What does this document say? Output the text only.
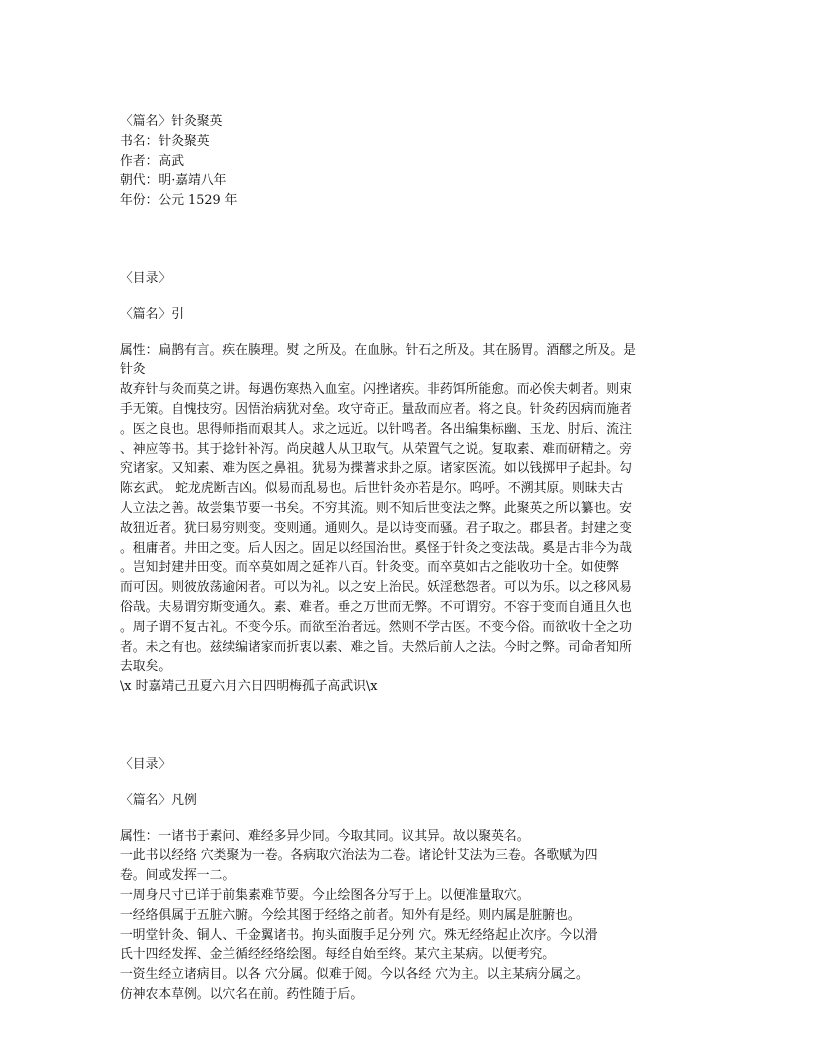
〈篇名〉针灸聚英
书名：针灸聚英
作者：高武
朝代：明·嘉靖八年
年份：公元 1529 年
〈目录〉
〈篇名〉引
属性：扁鹊有言。疾在腠理。熨 之所及。在血脉。针石之所及。其在肠胃。酒醪之所及。是
针灸
故弃针与灸而莫之讲。每遇伤寒热入血室。闪挫诸疾。非药饵所能愈。而必俟夫刺者。则束
手无策。自愧技穷。因悟治病犹对垒。攻守奇正。量敌而应者。将之良。针灸药因病而施者
。医之良也。思得师指而艰其人。求之远近。以针鸣者。各出编集标幽、玉龙、肘后、流注
、神应等书。其于捻针补泻。尚戾越人从卫取气。从荣置气之说。复取素、难而研精之。旁
究诸家。又知素、难为医之鼻祖。犹易为揲蓍求卦之原。诸家医流。如以钱掷甲子起卦。勾
陈玄武。 蛇龙虎断吉凶。似易而乱易也。后世针灸亦若是尔。呜呼。不溯其原。则昧夫古
人立法之善。故尝集节要一书矣。不穷其流。则不知后世变法之弊。此聚英之所以纂也。安
故狃近者。犹曰易穷则变。变则通。通则久。是以诗变而骚。君子取之。郡县者。封建之变
。租庸者。井田之变。后人因之。固足以经国治世。奚怪于针灸之变法哉。奚是古非今为哉
。岂知封建井田变。而卒莫如周之延祚八百。针灸变。而卒莫如古之能收功十全。如使弊
而可因。则彼放荡逾闲者。可以为礼。以之安上治民。妖淫愁怨者。可以为乐。以之移风易
俗哉。夫易谓穷斯变通久。素、难者。垂之万世而无弊。不可谓穷。不容于变而自通且久也
。周子谓不复古礼。不变今乐。而欲至治者远。然则不学古医。不变今俗。而欲收十全之功
者。未之有也。兹续编诸家而折衷以素、难之旨。夫然后前人之法。今时之弊。司命者知所
去取矣。
\x 时嘉靖己丑夏六月六日四明梅孤子高武识\x
〈目录〉
〈篇名〉凡例
属性：一诸书于素问、难经多异少同。今取其同。议其异。故以聚英名。
一此书以经络 穴类聚为一卷。各病取穴治法为二卷。诸论针艾法为三卷。各歌赋为四
卷。间或发挥一二。
一周身尺寸已详于前集素难节要。今止绘图各分写于上。以便准量取穴。
一经络俱属于五脏六腑。今绘其图于经络之前者。知外有是经。则内属是脏腑也。
一明堂针灸、铜人、千金翼诸书。拘头面腹手足分列 穴。殊无经络起止次序。今以滑
氏十四经发挥、金兰循经经络绘图。每经自始至终。某穴主某病。以便考究。
一资生经立诸病目。以各 穴分属。似难于阅。今以各经 穴为主。以主某病分属之。
仿神农本草例。以穴名在前。药性随于后。
